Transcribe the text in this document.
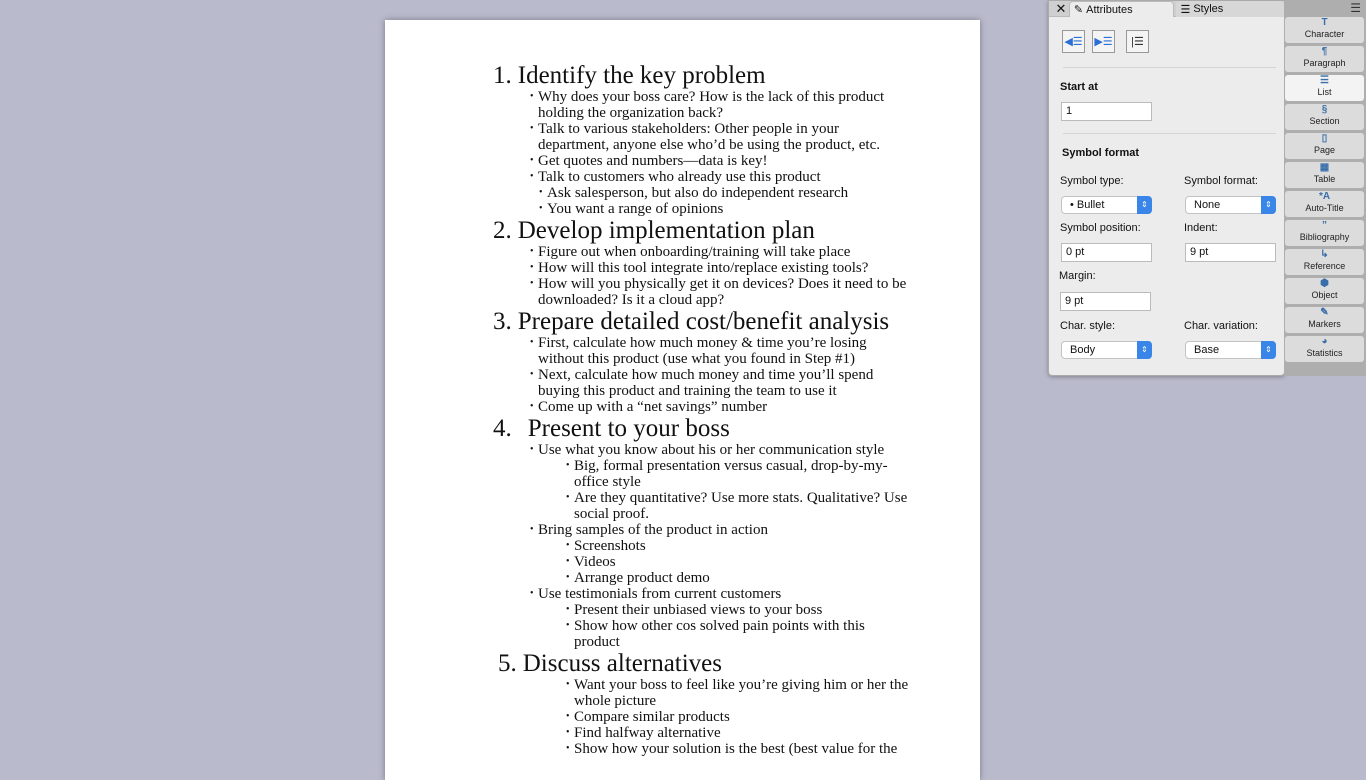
1. Identify the key problem
• Why does your boss care? How is the lack of this product holding the organization back?
• Talk to various stakeholders: Other people in your department, anyone else who’d be using the product, etc.
• Get quotes and numbers—data is key!
• Talk to customers who already use this product
• Ask salesperson, but also do independent research
• You want a range of opinions
2. Develop implementation plan
• Figure out when onboarding/training will take place
• How will this tool integrate into/replace existing tools?
• How will you physically get it on devices? Does it need to be downloaded? Is it a cloud app?
3. Prepare detailed cost/benefit analysis
• First, calculate how much money & time you’re losing without this product (use what you found in Step #1)
• Next, calculate how much money and time you’ll spend buying this product and training the team to use it
• Come up with a “net savings” number
4. Present to your boss
• Use what you know about his or her communication style
• Big, formal presentation versus casual, drop-by-my-office style
• Are they quantitative? Use more stats. Qualitative? Use social proof.
• Bring samples of the product in action
• Screenshots
• Videos
• Arrange product demo
• Use testimonials from current customers
• Present their unbiased views to your boss
• Show how other cos solved pain points with this product
5. Discuss alternatives
• Want your boss to feel like you’re giving him or her the whole picture
• Compare similar products
• Find halfway alternative
• Show how your solution is the best (best value for the
✕ ✎ Attributes	☰ Styles
◀☰ ▶☰	|☰
Start at
1
Symbol format
Symbol type:	Symbol format:
• Bullet	⇕	None	⇕
Symbol position:	Indent:
0 pt	9 pt
Margin:
9 pt
Char. style:	Char. variation:
Body	⇕	Base	⇕
☰
T
Character
¶
Paragraph
☰
List
§
Section
▯
Page
▦
Table
*A
Auto-Title
”
Bibliography
↳
Reference
⬢
Object
✎
Markers
◕
Statistics
